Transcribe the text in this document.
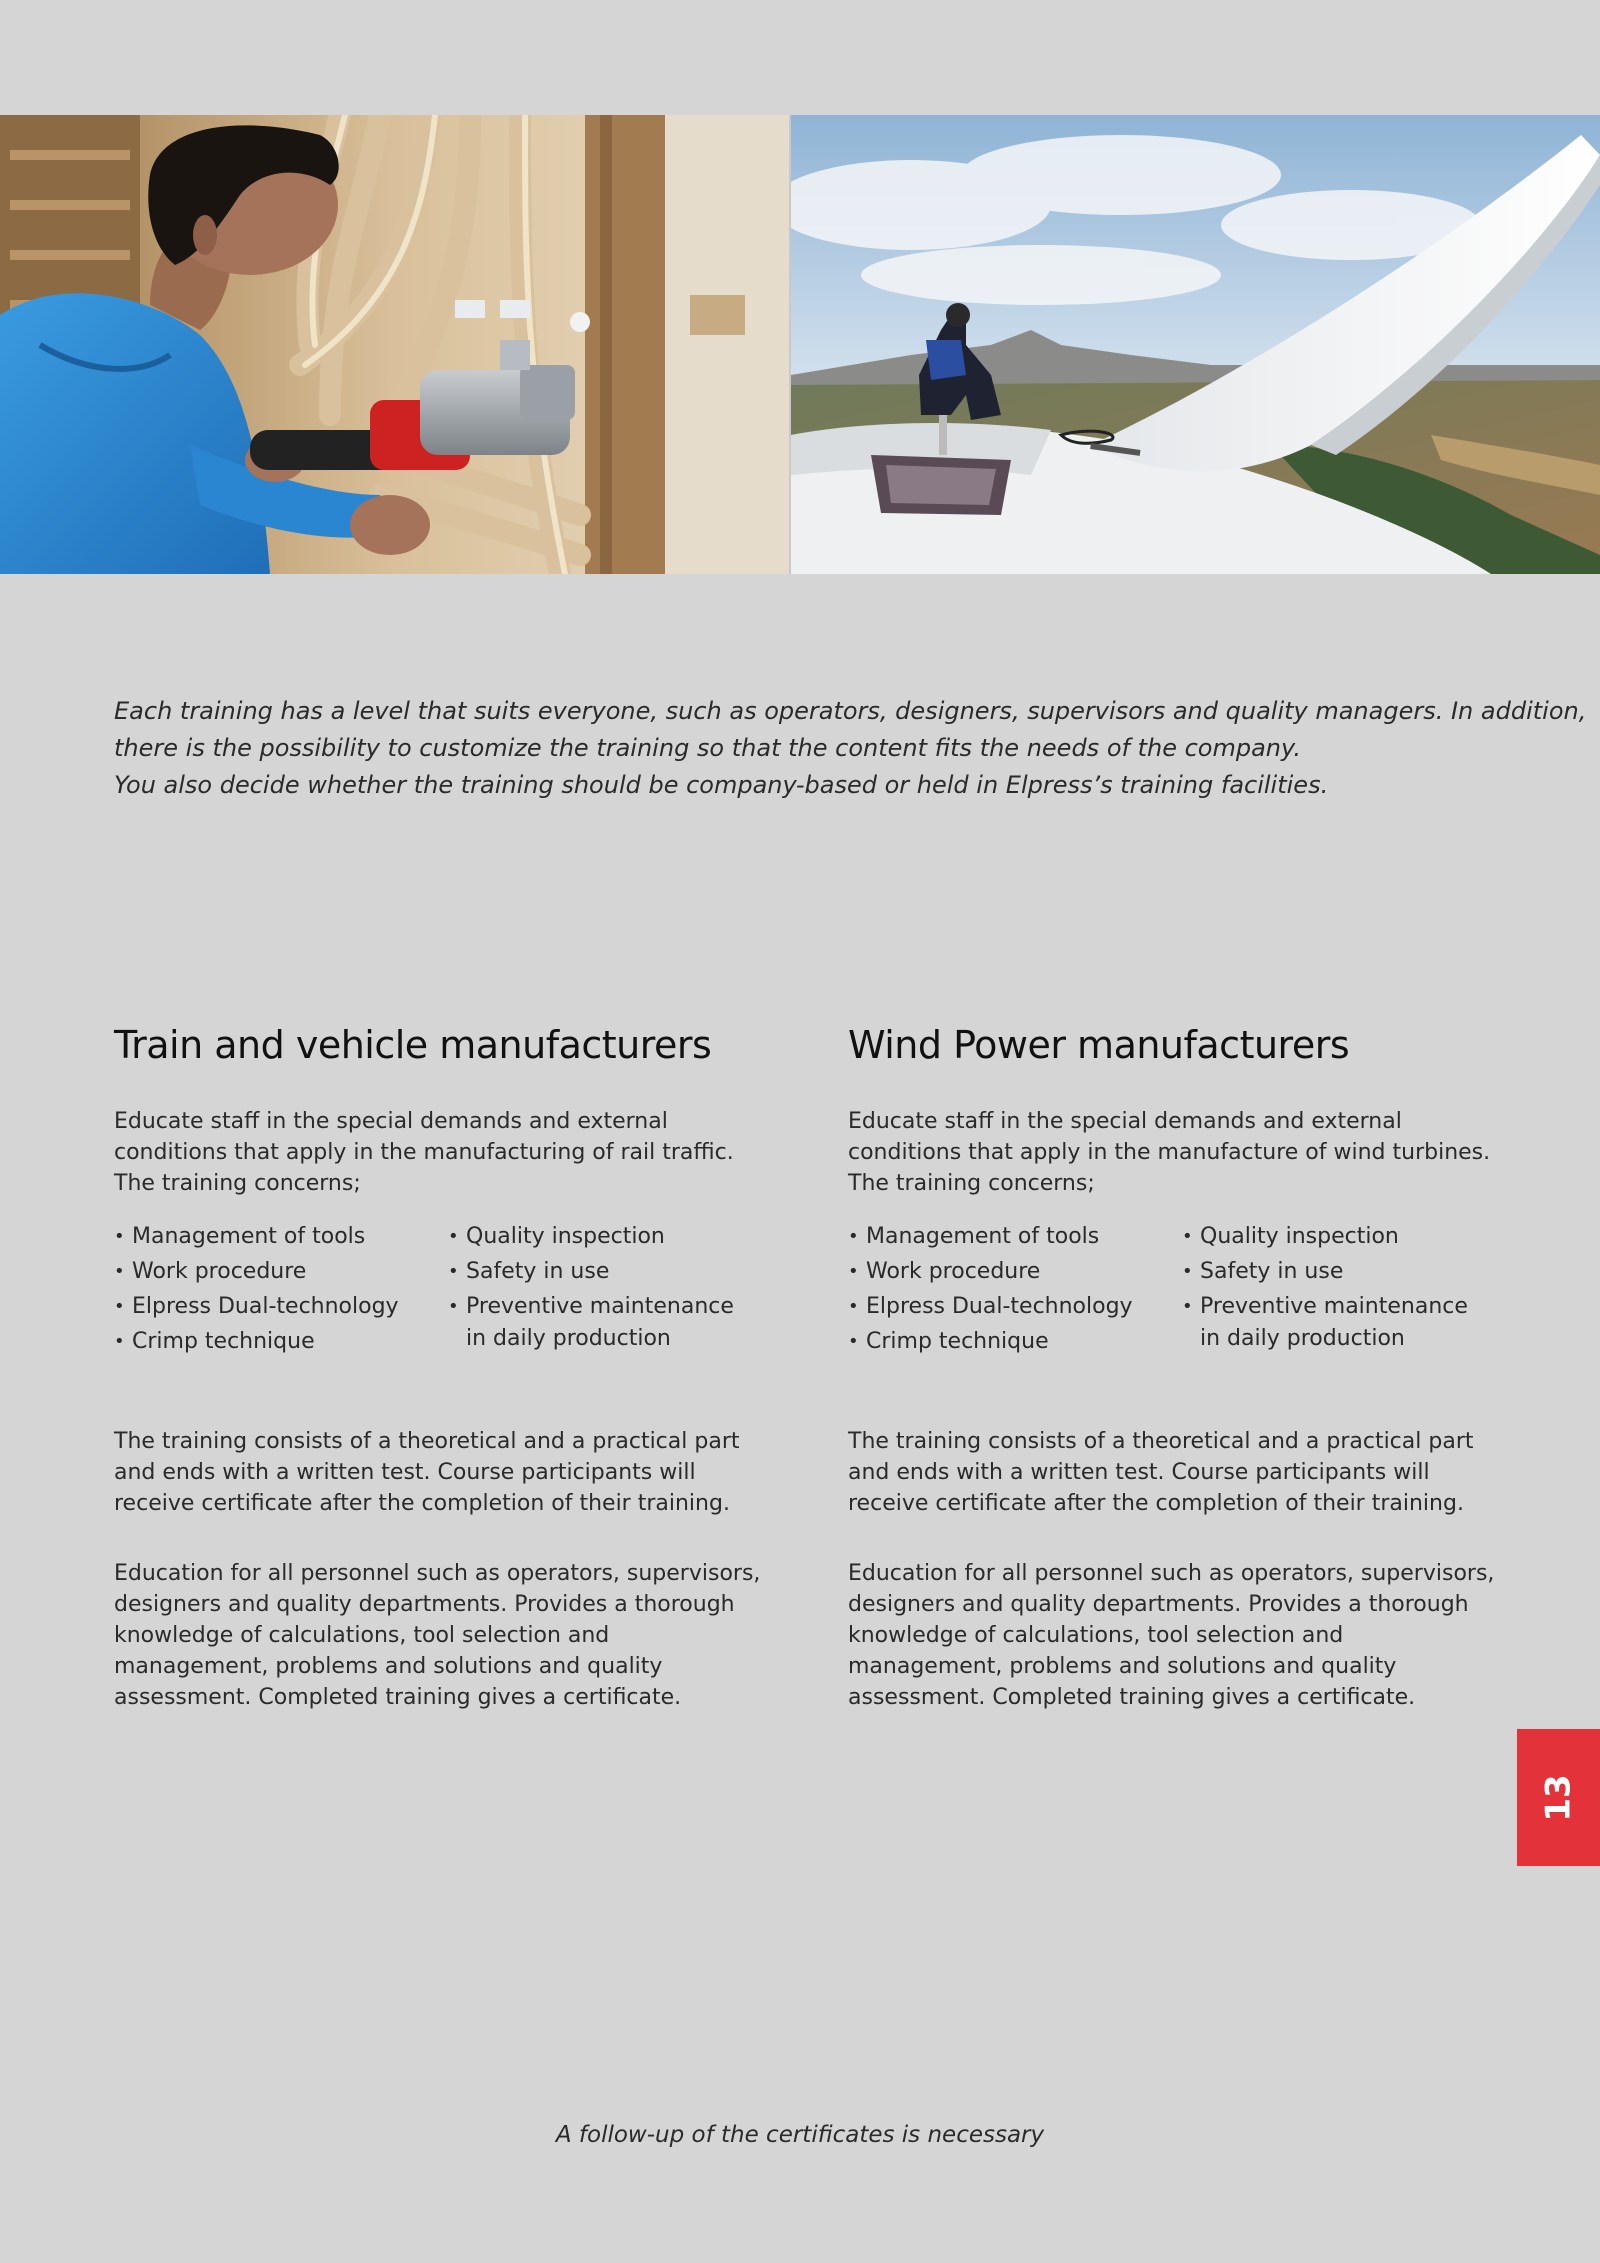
Each training has a level that suits everyone, such as operators, designers, supervisors and quality managers. In addition,

there is the possibility to customize the training so that the content fits the needs of the company.

You also decide whether the training should be company-based or held in Elpress’s training facilities.

Train and vehicle manufacturers

Educate staff in the special demands and external conditions that apply in the manufacturing of rail traffic. The training concerns;

• Management of tools
• Work procedure
• Elpress Dual-technology
• Crimp technique
• Quality inspection
• Safety in use
• Preventive maintenance
in daily production

The training consists of a theoretical and a practical part and ends with a written test. Course participants will receive certificate after the completion of their training.

Education for all personnel such as operators, supervisors, designers and quality departments. Provides a thorough knowledge of calculations, tool selection and management, problems and solutions and quality assessment. Completed training gives a certificate.

Wind Power manufacturers

Educate staff in the special demands and external conditions that apply in the manufacture of wind turbines. The training concerns;

• Management of tools
• Work procedure
• Elpress Dual-technology
• Crimp technique
• Quality inspection
• Safety in use
• Preventive maintenance
in daily production

The training consists of a theoretical and a practical part and ends with a written test. Course participants will receive certificate after the completion of their training.

Education for all personnel such as operators, supervisors, designers and quality departments. Provides a thorough knowledge of calculations, tool selection and management, problems and solutions and quality assessment. Completed training gives a certificate.

13

A follow-up of the certificates is necessary
